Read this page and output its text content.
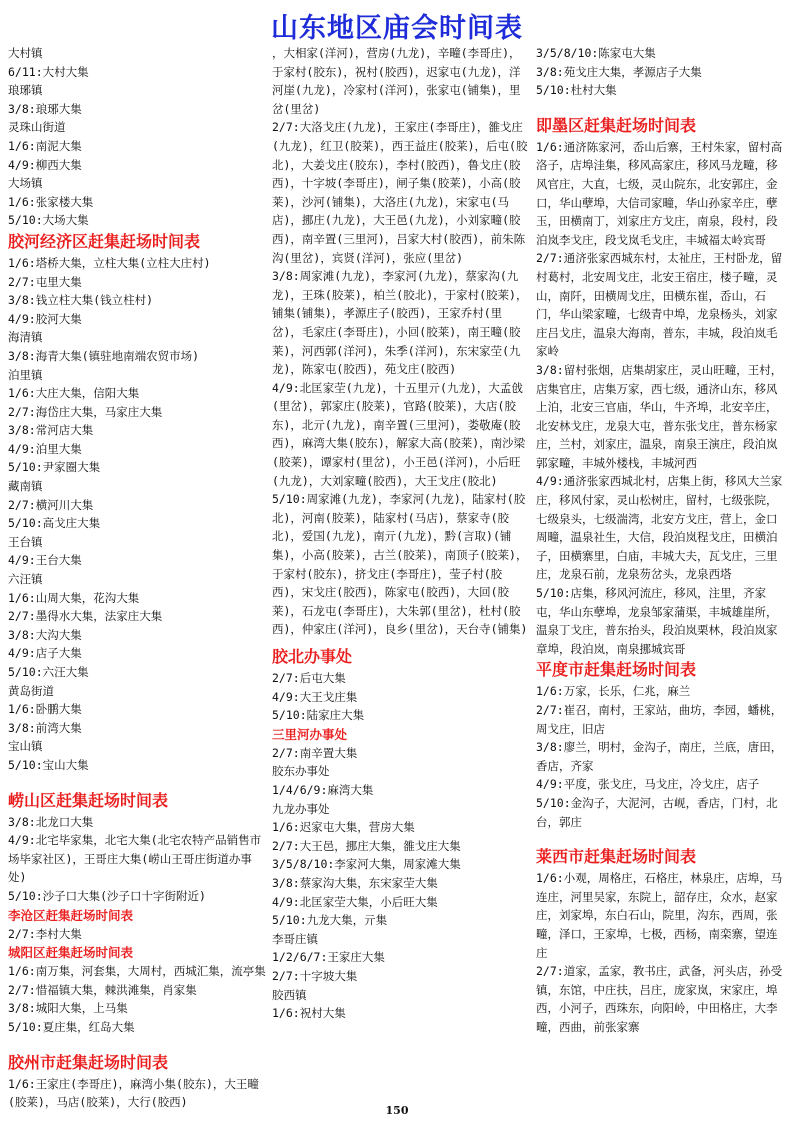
山东地区庙会时间表
大村镇
6/11:大村大集
琅琊镇
3/8:琅琊大集
灵珠山街道
1/6:南泥大集
4/9:柳西大集
大场镇
1/6:张家楼大集
5/10:大场大集
胶河经济区赶集赶场时间表
1/6:塔桥大集，立柱大集(立柱大庄村)
2/7:屯里大集
3/8:钱立柱大集(钱立柱村)
4/9:胶河大集
海清镇
3/8:海青大集(镇驻地南端农贸市场)
泊里镇
1/6:大庄大集，信阳大集
2/7:海岱庄大集，马家庄大集
3/8:常河店大集
4/9:泊里大集
5/10:尹家圈大集
藏南镇
2/7:横河川大集
5/10:高戈庄大集
王台镇
4/9:王台大集
六汪镇
1/6:山周大集，花沟大集
2/7:墨得水大集，法家庄大集
3/8:大沟大集
4/9:店子大集
5/10:六汪大集
黄岛街道
1/6:卧鹏大集
3/8:前湾大集
宝山镇
5/10:宝山大集
崂山区赶集赶场时间表
3/8:北龙口大集
4/9:北宅毕家集，北宅大集(北宅农特产品销售市场毕家社区)，王哥庄大集(崂山王哥庄街道办事处)
5/10:沙子口大集(沙子口十字街附近)
李沧区赶集赶场时间表
2/7:李村大集
城阳区赶集赶场时间表
1/6:南万集，河套集，大周村，西城汇集，流亭集
2/7:惜福镇大集，棘洪滩集，肖家集
3/8:城阳大集，上马集
5/10:夏庄集，红岛大集
胶州市赶集赶场时间表
1/6:王家庄(李哥庄)，麻湾小集(胶东)，大王疃(胶莱)，马店(胶莱)，大行(胶西)
，大相家(洋河)，营房(九龙)，辛疃(李哥庄)，于家村(胶东)，祝村(胶西)，迟家屯(九龙)，洋河崖(九龙)，冷家村(洋河)，张家屯(铺集)，里岔(里岔)
2/7:大洛戈庄(九龙)，王家庄(李哥庄)，雒戈庄(九龙)，红卫(胶莱)，西王益庄(胶莱)，后屯(胶北)，大姜戈庄(胶东)，李村(胶西)，鲁戈庄(胶西)，十字坡(李哥庄)，闸子集(胶莱)，小高(胶莱)，沙河(铺集)，大洛庄(九龙)，宋家屯(马店)，挪庄(九龙)，大王邑(九龙)，小刘家疃(胶西)，南辛置(三里河)，吕家大村(胶西)，前朱陈沟(里岔)，宾贤(洋河)，张应(里岔)
3/8:周家滩(九龙)，李家河(九龙)，蔡家沟(九龙)，王珠(胶莱)，柏兰(胶北)，于家村(胶莱)，铺集(铺集)，孝源庄子(胶西)，王家乔村(里岔)，毛家庄(李哥庄)，小回(胶莱)，南王疃(胶莱)，河西郭(洋河)，朱季(洋河)，东宋家茔(九龙)，陈家屯(胶西)，苑戈庄(胶西)
4/9:北匡家茔(九龙)，十五里亓(九龙)，大孟戗(里岔)，郭家庄(胶莱)，官路(胶莱)，大店(胶东)，北亓(九龙)，南辛置(三里河)，娄敬庵(胶西)，麻湾大集(胶东)，解家大高(胶莱)，南沙梁(胶莱)，谭家村(里岔)，小王邑(洋河)，小后旺(九龙)，大刘家疃(胶西)，大王戈庄(胶北)
5/10:周家滩(九龙)，李家河(九龙)，陆家村(胶北)，河南(胶莱)，陆家村(马店)，蔡家寺(胶北)，爱国(九龙)，南亓(九龙)，黔(言取)(铺集)，小高(胶莱)，古兰(胶莱)，南顶子(胶莱)，于家村(胶东)，挤戈庄(李哥庄)，莹子村(胶西)，宋戈庄(胶西)，陈家屯(胶西)，大回(胶莱)，石龙屯(李哥庄)，大朱郭(里岔)，杜村(胶西)，仲家庄(洋河)，良乡(里岔)，天台寺(铺集)
胶北办事处
2/7:后屯大集
4/9:大王戈庄集
5/10:陆家庄大集
三里河办事处
2/7:南辛置大集
胶东办事处
1/4/6/9:麻湾大集
九龙办事处
1/6:迟家屯大集，营房大集
2/7:大王邑，挪庄大集，雒戈庄大集
3/5/8/10:李家河大集，周家滩大集
3/8:蔡家沟大集，东宋家茔大集
4/9:北匡家茔大集，小后旺大集
5/10:九龙大集，亓集
李哥庄镇
1/2/6/7:王家庄大集
2/7:十字坡大集
胶西镇
1/6:祝村大集
3/5/8/10:陈家屯大集
3/8:苑戈庄大集，孝源店子大集
5/10:杜村大集
即墨区赶集赶场时间表
1/6:通济陈家河，岙山后寨，王村朱家，留村高洛子，店埠洼集，移风高家庄，移风马龙疃，移风官庄，大直，七级，灵山院东，北安郭庄，金口，华山孽埠，大信司家疃，华山孙家辛庄，孽玉，田横南丁，刘家庄方戈庄，南泉，段村，段泊岚李戈庄，段戈岚毛戈庄，丰城福太岭宾哥
2/7:通济张家西城东村，太祉庄，王村卧龙，留村葛村，北安周戈庄，北安王宿庄，楼子疃，灵山，南阡，田横周戈庄，田横东崔，岙山，石门，华山梁家疃，七级青中埠，龙泉杨头，刘家庄吕戈庄，温泉大海南，普东，丰城，段泊岚毛家岭
3/8:留村张烟，店集胡家庄，灵山旺疃，王村，店集官庄，店集万家，西七级，通济山东，移风上泊，北安三官庙，华山，牛齐埠，北安辛庄，北安林戈庄，龙泉大屯，普东张戈庄，普东杨家庄，兰村，刘家庄，温泉，南泉王演庄，段泊岚郭家疃，丰城外楼栈，丰城河西
4/9:通济张家西城北村，店集上街，移风大兰家庄，移风付家，灵山松树庄，留村，七级张院，七级泉头，七级湍湾，北安方戈庄，营上，金口周疃，温泉社生，大信，段泊岚程戈庄，田横泊子，田横寨里，白庙，丰城大夫，瓦戈庄，三里庄，龙泉石前，龙泉芴岔头，龙泉西塔
5/10:店集，移风河流庄，移风，注里，齐家屯，华山东孽埠，龙泉邹家蒲渠，丰城雄崖所，温泉丁戈庄，普东抬头，段泊岚栗林，段泊岚家章埠，段泊岚，南泉挪城宾哥
平度市赶集赶场时间表
1/6:万家，长乐，仁兆，麻兰
2/7:崔召，南村，王家站，曲坊，李园，蟠桃，周戈庄，旧店
3/8:廖兰，明村，金沟子，南庄，兰底，唐田，香店，齐家
4/9:平度，张戈庄，马戈庄，冷戈庄，店子
5/10:金沟子，大泥河，古岘，香店，门村，北台，郭庄
莱西市赶集赶场时间表
1/6:小观，周格庄，石格庄，林泉庄，店埠，马连庄，河里吴家，东院上，韶存庄，众水，赵家庄，刘家埠，东白石山，院里，沟东，西周，张疃，泽口，王家埠，七极，西杨，南栾寨，望连庄
2/7:道家，孟家，教书庄，武备，河头店，孙受镇，东馆，中庄扶，吕庄，庞家岚，宋家庄，埠西，小河子，西珠东，向阳岭，中田格庄，大李疃，西曲，前张家寨
150
